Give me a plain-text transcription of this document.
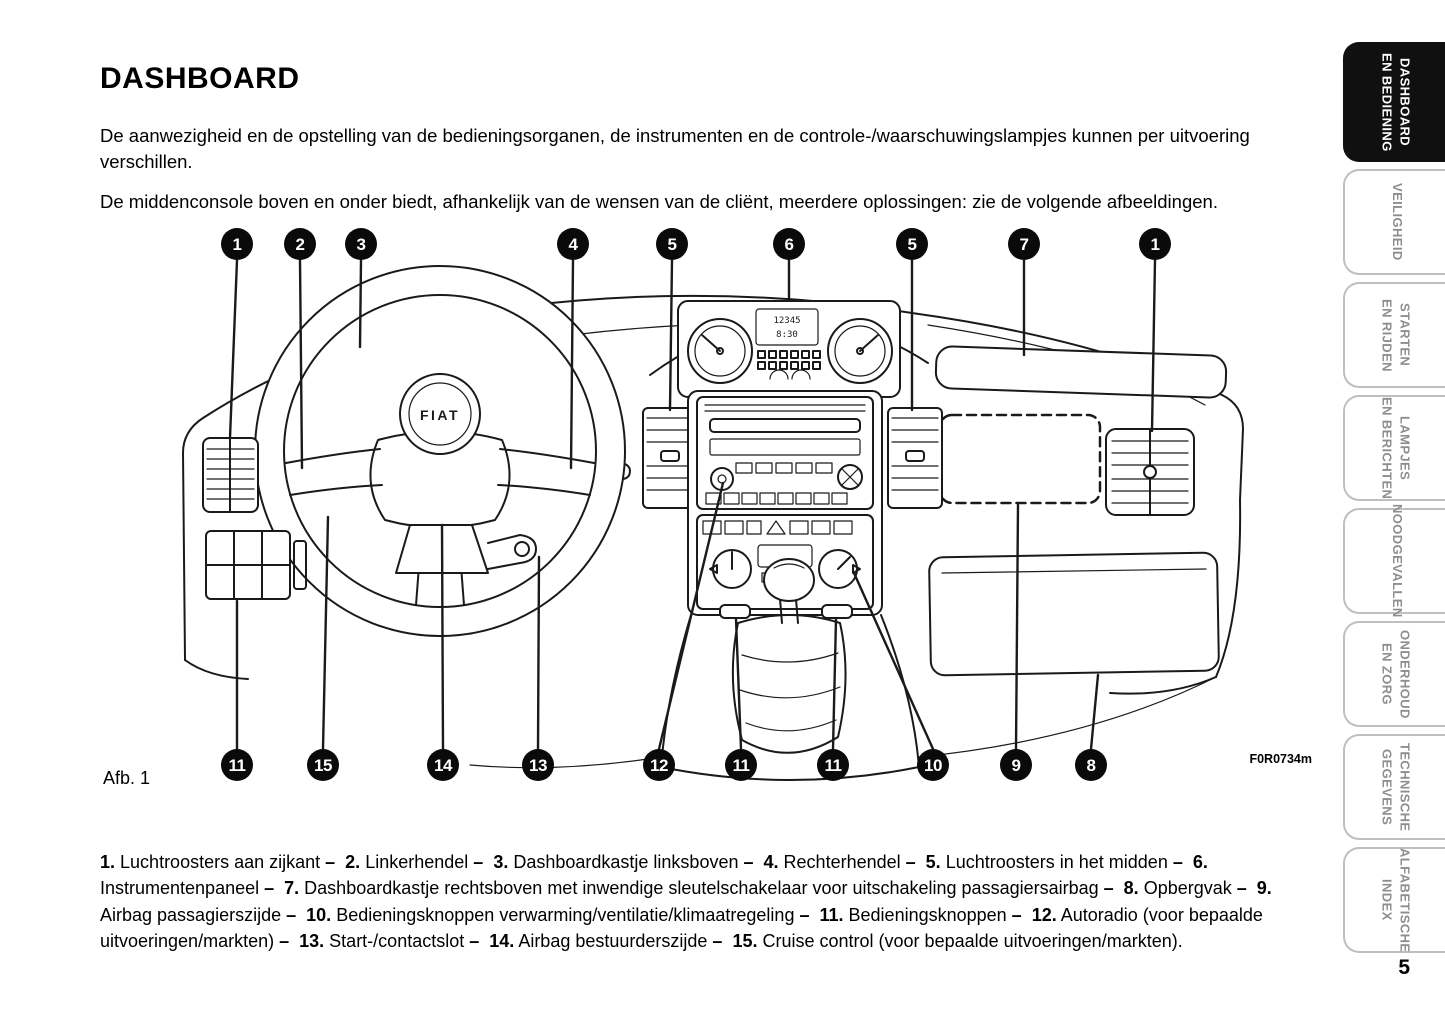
DASHBOARD

De aanwezigheid en de opstelling van de bedieningsorganen, de instrumenten en de controle-/waarschuwingslampjes kunnen per uitvoering verschillen.

De middenconsole boven en onder biedt, afhankelijk van de wensen van de cliënt, meerdere oplossingen: zie de volgende afbeeldingen.

FIAT
12345
8:30
1	2	3	4	5	6	5	7	1
11	15	14	13	12	11	11	10	9	8
Afb. 1
F0R0734m

1. Luchtroosters aan zijkant – 2. Linkerhendel – 3. Dashboardkastje linksboven – 4. Rechterhendel – 5. Luchtroosters in het midden – 6. Instrumentenpaneel – 7. Dashboardkastje rechtsboven met inwendige sleutelschakelaar voor uitschakeling passagiersairbag – 8. Opbergvak – 9. Airbag passagierszijde – 10. Bedieningsknoppen verwarming/ventilatie/klimaatregeling – 11. Bedieningsknoppen – 12. Autoradio (voor bepaalde uitvoeringen/markten) – 13. Start-/contactslot – 14. Airbag bestuurderszijde – 15. Cruise control (voor bepaalde uitvoeringen/markten).

DASHBOARD
EN BEDIENING
VEILIGHEID
STARTEN
EN RIJDEN
LAMPJES
EN BERICHTEN
NOODGEVALLEN
ONDERHOUD
EN ZORG
TECHNISCHE
GEGEVENS
ALFABETISCHE
INDEX
5
